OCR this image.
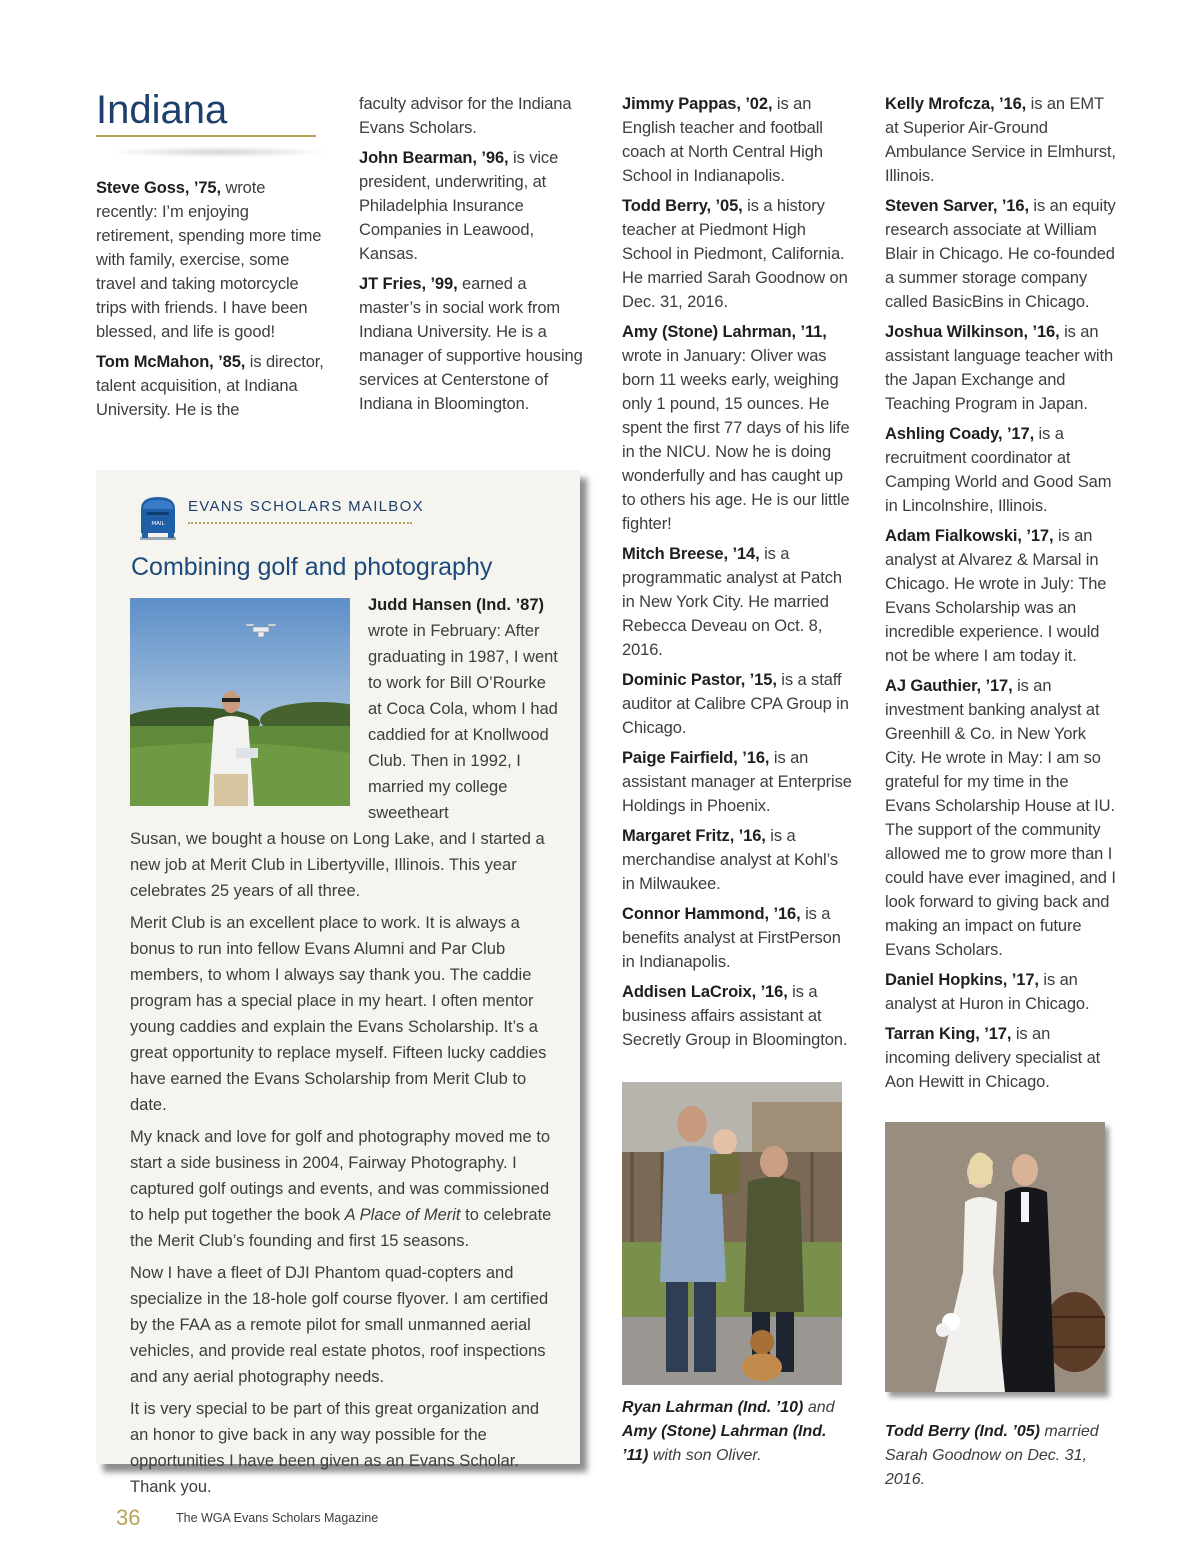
Indiana

Steve Goss, ’75, wrote recently: I’m enjoying retirement, spending more time with family, exercise, some travel and taking motorcycle trips with friends. I have been blessed, and life is good!

Tom McMahon, ’85, is director, talent acquisition, at Indiana University. He is the

faculty advisor for the Indiana Evans Scholars.

John Bearman, ’96, is vice president, underwriting, at Philadelphia Insurance Companies in Leawood, Kansas.

JT Fries, ’99, earned a master’s in social work from Indiana University. He is a manager of supportive housing services at Centerstone of Indiana in Bloomington.

Jimmy Pappas, ’02, is an English teacher and football coach at North Central High School in Indianapolis.

Todd Berry, ’05, is a history teacher at Piedmont High School in Piedmont, California. He married Sarah Goodnow on Dec. 31, 2016.

Amy (Stone) Lahrman, ’11, wrote in January: Oliver was born 11 weeks early, weighing only 1 pound, 15 ounces. He spent the first 77 days of his life in the NICU. Now he is doing wonderfully and has caught up to others his age. He is our little fighter!

Mitch Breese, ’14, is a programmatic analyst at Patch in New York City. He married Rebecca Deveau on Oct. 8, 2016.

Dominic Pastor, ’15, is a staff auditor at Calibre CPA Group in Chicago.

Paige Fairfield, ’16, is an assistant manager at Enterprise Holdings in Phoenix.

Margaret Fritz, ’16, is a merchandise analyst at Kohl’s in Milwaukee.

Connor Hammond, ’16, is a benefits analyst at FirstPerson in Indianapolis.

Addisen LaCroix, ’16, is a business affairs assistant at Secretly Group in Bloomington.

Kelly Mrofcza, ’16, is an EMT at Superior Air-Ground Ambulance Service in Elmhurst, Illinois.

Steven Sarver, ’16, is an equity research associate at William Blair in Chicago. He co-founded a summer storage company called BasicBins in Chicago.

Joshua Wilkinson, ’16, is an assistant language teacher with the Japan Exchange and Teaching Program in Japan.

Ashling Coady, ’17, is a recruitment coordinator at Camping World and Good Sam in Lincolnshire, Illinois.

Adam Fialkowski, ’17, is an analyst at Alvarez & Marsal in Chicago. He wrote in July: The Evans Scholarship was an incredible experience. I would not be where I am today it.

AJ Gauthier, ’17, is an investment banking analyst at Greenhill & Co. in New York City. He wrote in May: I am so grateful for my time in the Evans Scholarship House at IU. The support of the community allowed me to grow more than I could have ever imagined, and I look forward to giving back and making an impact on future Evans Scholars.

Daniel Hopkins, ’17, is an analyst at Huron in Chicago.

Tarran King, ’17, is an incoming delivery specialist at Aon Hewitt in Chicago.

MAIL
EVANS SCHOLARS MAILBOX
Combining golf and photography
Judd Hansen (Ind. ’87)
wrote in February: After graduating in 1987, I went to work for Bill O’Rourke at Coca Cola, whom I had caddied for at Knollwood Club. Then in 1992, I married my college sweetheart

Susan, we bought a house on Long Lake, and I started a new job at Merit Club in Libertyville, Illinois. This year celebrates 25 years of all three.

Merit Club is an excellent place to work. It is always a bonus to run into fellow Evans Alumni and Par Club members, to whom I always say thank you. The caddie program has a special place in my heart. I often mentor young caddies and explain the Evans Scholarship. It’s a great opportunity to replace myself. Fifteen lucky caddies have earned the Evans Scholarship from Merit Club to date.

My knack and love for golf and photography moved me to start a side business in 2004, Fairway Photography. I captured golf outings and events, and was commissioned to help put together the book A Place of Merit to celebrate the Merit Club’s founding and first 15 seasons.

Now I have a fleet of DJI Phantom quad-copters and specialize in the 18-hole golf course flyover. I am certified by the FAA as a remote pilot for small unmanned aerial vehicles, and provide real estate photos, roof inspections and any aerial photography needs.

It is very special to be part of this great organization and an honor to give back in any way possible for the opportunities I have been given as an Evans Scholar. Thank you.

Ryan Lahrman (Ind. ’10) and Amy (Stone) Lahrman (Ind. ’11) with son Oliver.
Todd Berry (Ind. ’05) married Sarah Goodnow on Dec. 31, 2016.
36	The WGA Evans Scholars Magazine
